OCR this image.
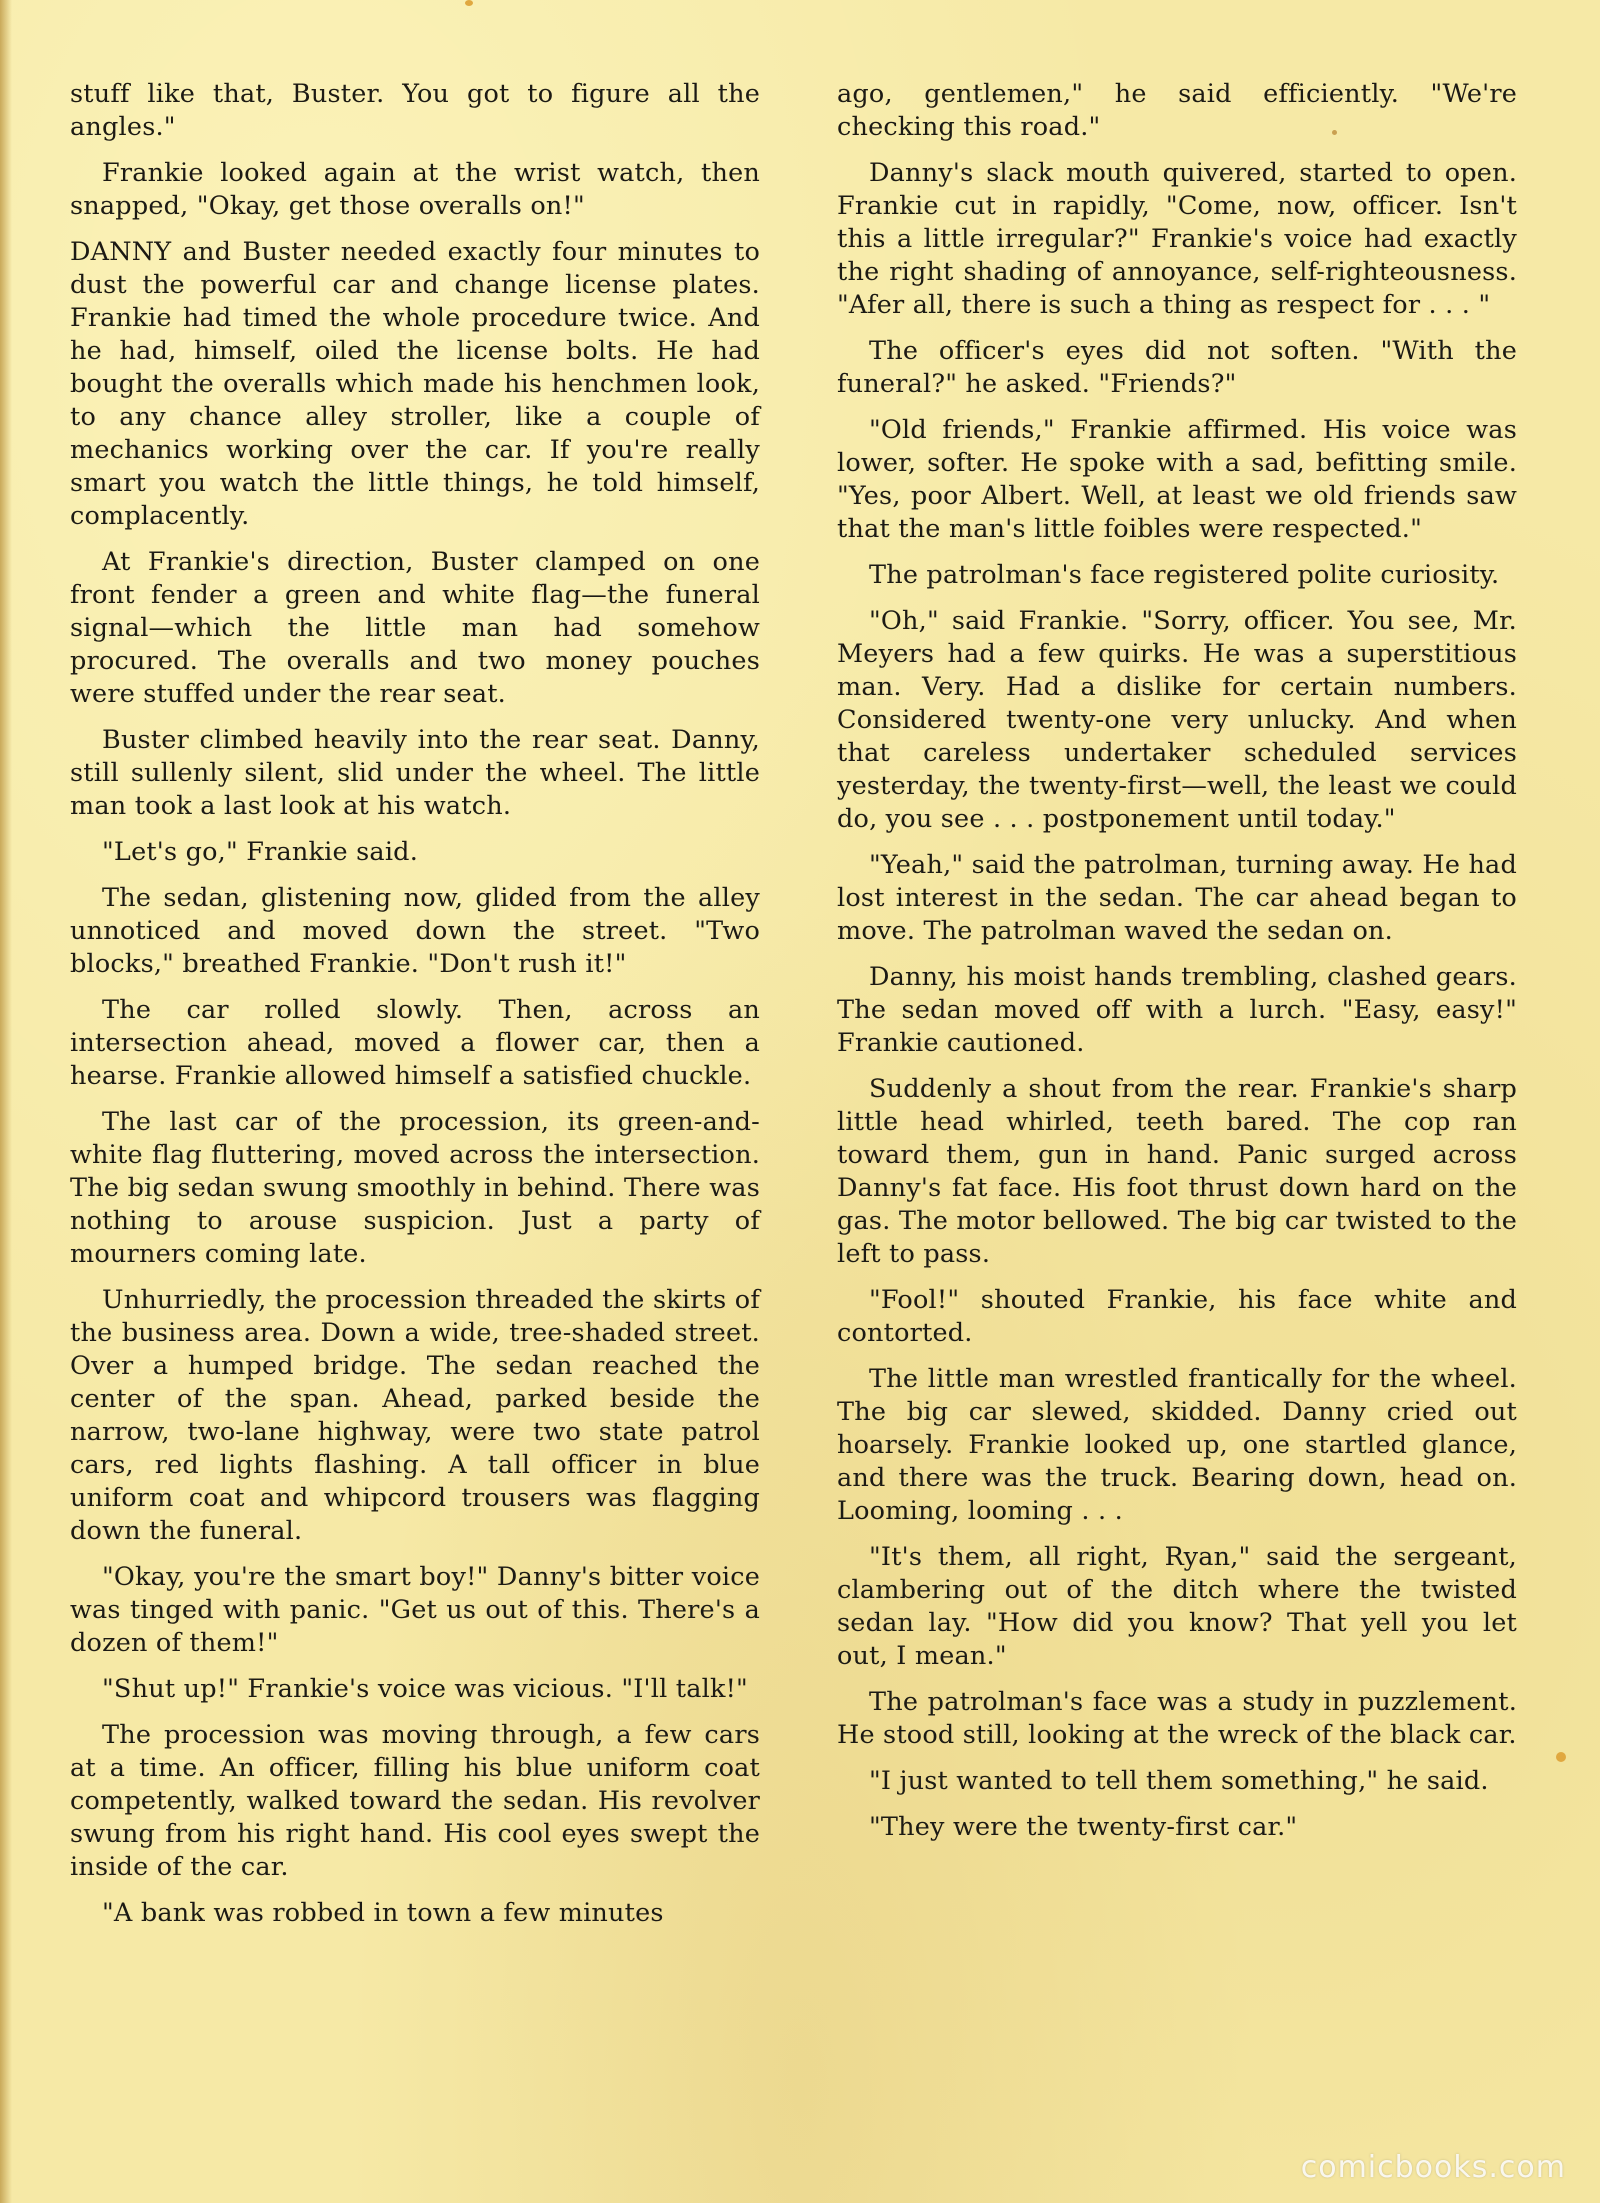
stuff like that, Buster. You got to figure all the angles."

Frankie looked again at the wrist watch, then snapped, "Okay, get those overalls on!"

DANNY and Buster needed exactly four minutes to dust the powerful car and change license plates. Frankie had timed the whole procedure twice. And he had, himself, oiled the license bolts. He had bought the overalls which made his henchmen look, to any chance alley stroller, like a couple of mechanics working over the car. If you're really smart you watch the little things, he told himself, complacently.

At Frankie's direction, Buster clamped on one front fender a green and white flag—the funeral signal—which the little man had somehow procured. The overalls and two money pouches were stuffed under the rear seat.

Buster climbed heavily into the rear seat. Danny, still sullenly silent, slid under the wheel. The little man took a last look at his watch.

"Let's go," Frankie said.

The sedan, glistening now, glided from the alley unnoticed and moved down the street. "Two blocks," breathed Frankie. "Don't rush it!"

The car rolled slowly. Then, across an intersection ahead, moved a flower car, then a hearse. Frankie allowed himself a satisfied chuckle.

The last car of the procession, its green-and-white flag fluttering, moved across the intersection. The big sedan swung smoothly in behind. There was nothing to arouse suspicion. Just a party of mourners coming late.

Unhurriedly, the procession threaded the skirts of the business area. Down a wide, tree-shaded street. Over a humped bridge. The sedan reached the center of the span. Ahead, parked beside the narrow, two-lane highway, were two state patrol cars, red lights flashing. A tall officer in blue uniform coat and whipcord trousers was flagging down the funeral.

"Okay, you're the smart boy!" Danny's bitter voice was tinged with panic. "Get us out of this. There's a dozen of them!"

"Shut up!" Frankie's voice was vicious. "I'll talk!"

The procession was moving through, a few cars at a time. An officer, filling his blue uniform coat competently, walked toward the sedan. His revolver swung from his right hand. His cool eyes swept the inside of the car.

"A bank was robbed in town a few minutes

ago, gentlemen," he said efficiently. "We're checking this road."

Danny's slack mouth quivered, started to open. Frankie cut in rapidly, "Come, now, officer. Isn't this a little irregular?" Frankie's voice had exactly the right shading of annoyance, self-righteousness. "Afer all, there is such a thing as respect for . . . "

The officer's eyes did not soften. "With the funeral?" he asked. "Friends?"

"Old friends," Frankie affirmed. His voice was lower, softer. He spoke with a sad, befitting smile. "Yes, poor Albert. Well, at least we old friends saw that the man's little foibles were respected."

The patrolman's face registered polite curiosity.

"Oh," said Frankie. "Sorry, officer. You see, Mr. Meyers had a few quirks. He was a superstitious man. Very. Had a dislike for certain numbers. Considered twenty-one very unlucky. And when that careless undertaker scheduled services yesterday, the twenty-first—well, the least we could do, you see . . . postponement until today."

"Yeah," said the patrolman, turning away. He had lost interest in the sedan. The car ahead began to move. The patrolman waved the sedan on.

Danny, his moist hands trembling, clashed gears. The sedan moved off with a lurch. "Easy, easy!" Frankie cautioned.

Suddenly a shout from the rear. Frankie's sharp little head whirled, teeth bared. The cop ran toward them, gun in hand. Panic surged across Danny's fat face. His foot thrust down hard on the gas. The motor bellowed. The big car twisted to the left to pass.

"Fool!" shouted Frankie, his face white and contorted.

The little man wrestled frantically for the wheel. The big car slewed, skidded. Danny cried out hoarsely. Frankie looked up, one startled glance, and there was the truck. Bearing down, head on. Looming, looming . . .

"It's them, all right, Ryan," said the sergeant, clambering out of the ditch where the twisted sedan lay. "How did you know? That yell you let out, I mean."

The patrolman's face was a study in puzzlement. He stood still, looking at the wreck of the black car.

"I just wanted to tell them something," he said.

"They were the twenty-first car."

comicbooks.com
